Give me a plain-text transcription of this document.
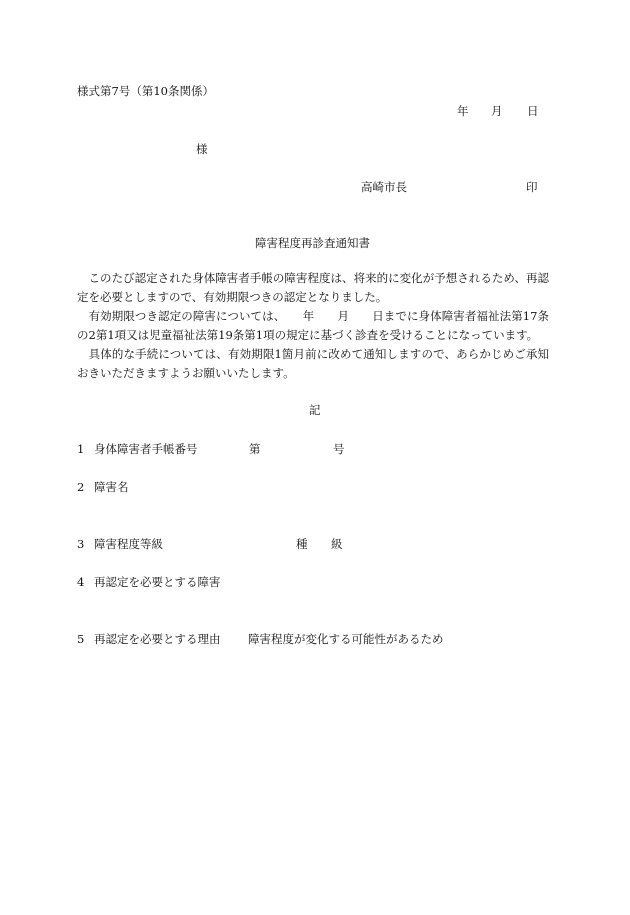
様式第7号（第10条関係）
年 月 日
様
高崎市長	印
障害程度再診査通知書
　このたび認定された身体障害者手帳の障害程度は、将来的に変化が予想されるため、再認定を必要としますので、有効期限つきの認定となりました。
　有効期限つき認定の障害については、　　年　　月　　日までに身体障害者福祉法第17条の2第1項又は児童福祉法第19条第1項の規定に基づく診査を受けることになっています。
　具体的な手続については、有効期限1箇月前に改めて通知しますので、あらかじめご承知おきいただきますようお願いいたします。
記
1 身体障害者手帳番号	第	号
2 障害名
3 障害程度等級	種 級
4 再認定を必要とする障害
5 再認定を必要とする理由 障害程度が変化する可能性があるため
